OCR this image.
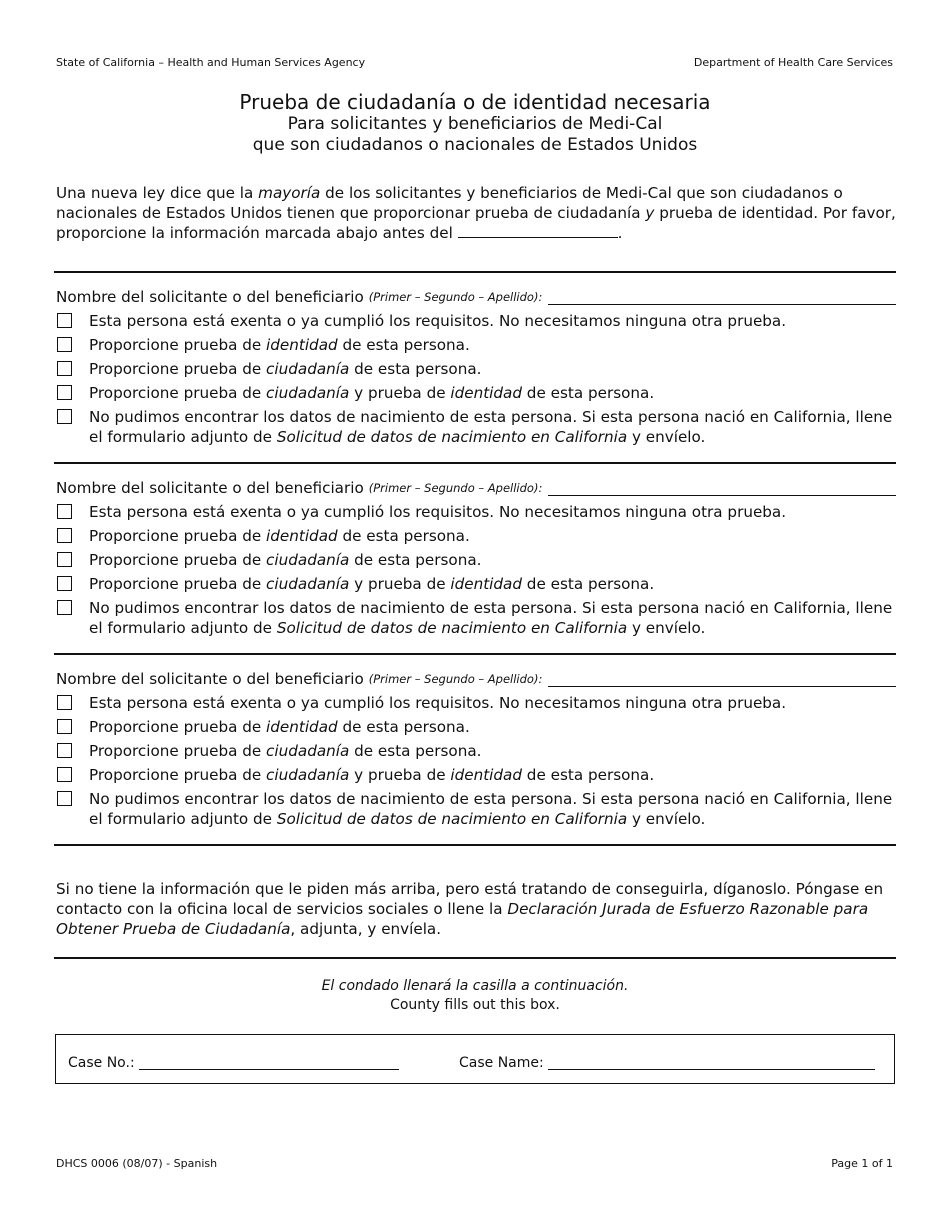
State of California – Health and Human Services Agency	Department of Health Care Services
Prueba de ciudadanía o de identidad necesaria
Para solicitantes y beneficiarios de Medi-Cal
que son ciudadanos o nacionales de Estados Unidos
Una nueva ley dice que la mayoría de los solicitantes y beneficiarios de Medi-Cal que son ciudadanos o nacionales de Estados Unidos tienen que proporcionar prueba de ciudadanía y prueba de identidad. Por favor, proporcione la información marcada abajo antes del	.
Nombre del solicitante o del beneficiario (Primer – Segundo – Apellido):
Esta persona está exenta o ya cumplió los requisitos. No necesitamos ninguna otra prueba.
Proporcione prueba de identidad de esta persona.
Proporcione prueba de ciudadanía de esta persona.
Proporcione prueba de ciudadanía y prueba de identidad de esta persona.
No pudimos encontrar los datos de nacimiento de esta persona. Si esta persona nació en California, llene el formulario adjunto de Solicitud de datos de nacimiento en California y envíelo.
Nombre del solicitante o del beneficiario (Primer – Segundo – Apellido):
Esta persona está exenta o ya cumplió los requisitos. No necesitamos ninguna otra prueba.
Proporcione prueba de identidad de esta persona.
Proporcione prueba de ciudadanía de esta persona.
Proporcione prueba de ciudadanía y prueba de identidad de esta persona.
No pudimos encontrar los datos de nacimiento de esta persona. Si esta persona nació en California, llene el formulario adjunto de Solicitud de datos de nacimiento en California y envíelo.
Nombre del solicitante o del beneficiario (Primer – Segundo – Apellido):
Esta persona está exenta o ya cumplió los requisitos. No necesitamos ninguna otra prueba.
Proporcione prueba de identidad de esta persona.
Proporcione prueba de ciudadanía de esta persona.
Proporcione prueba de ciudadanía y prueba de identidad de esta persona.
No pudimos encontrar los datos de nacimiento de esta persona. Si esta persona nació en California, llene el formulario adjunto de Solicitud de datos de nacimiento en California y envíelo.
Si no tiene la información que le piden más arriba, pero está tratando de conseguirla, díganoslo. Póngase en contacto con la oficina local de servicios sociales o llene la Declaración Jurada de Esfuerzo Razonable para Obtener Prueba de Ciudadanía, adjunta, y envíela.
El condado llenará la casilla a continuación.
County fills out this box.
Case No.:	Case Name:
DHCS 0006 (08/07) - Spanish	Page 1 of 1
